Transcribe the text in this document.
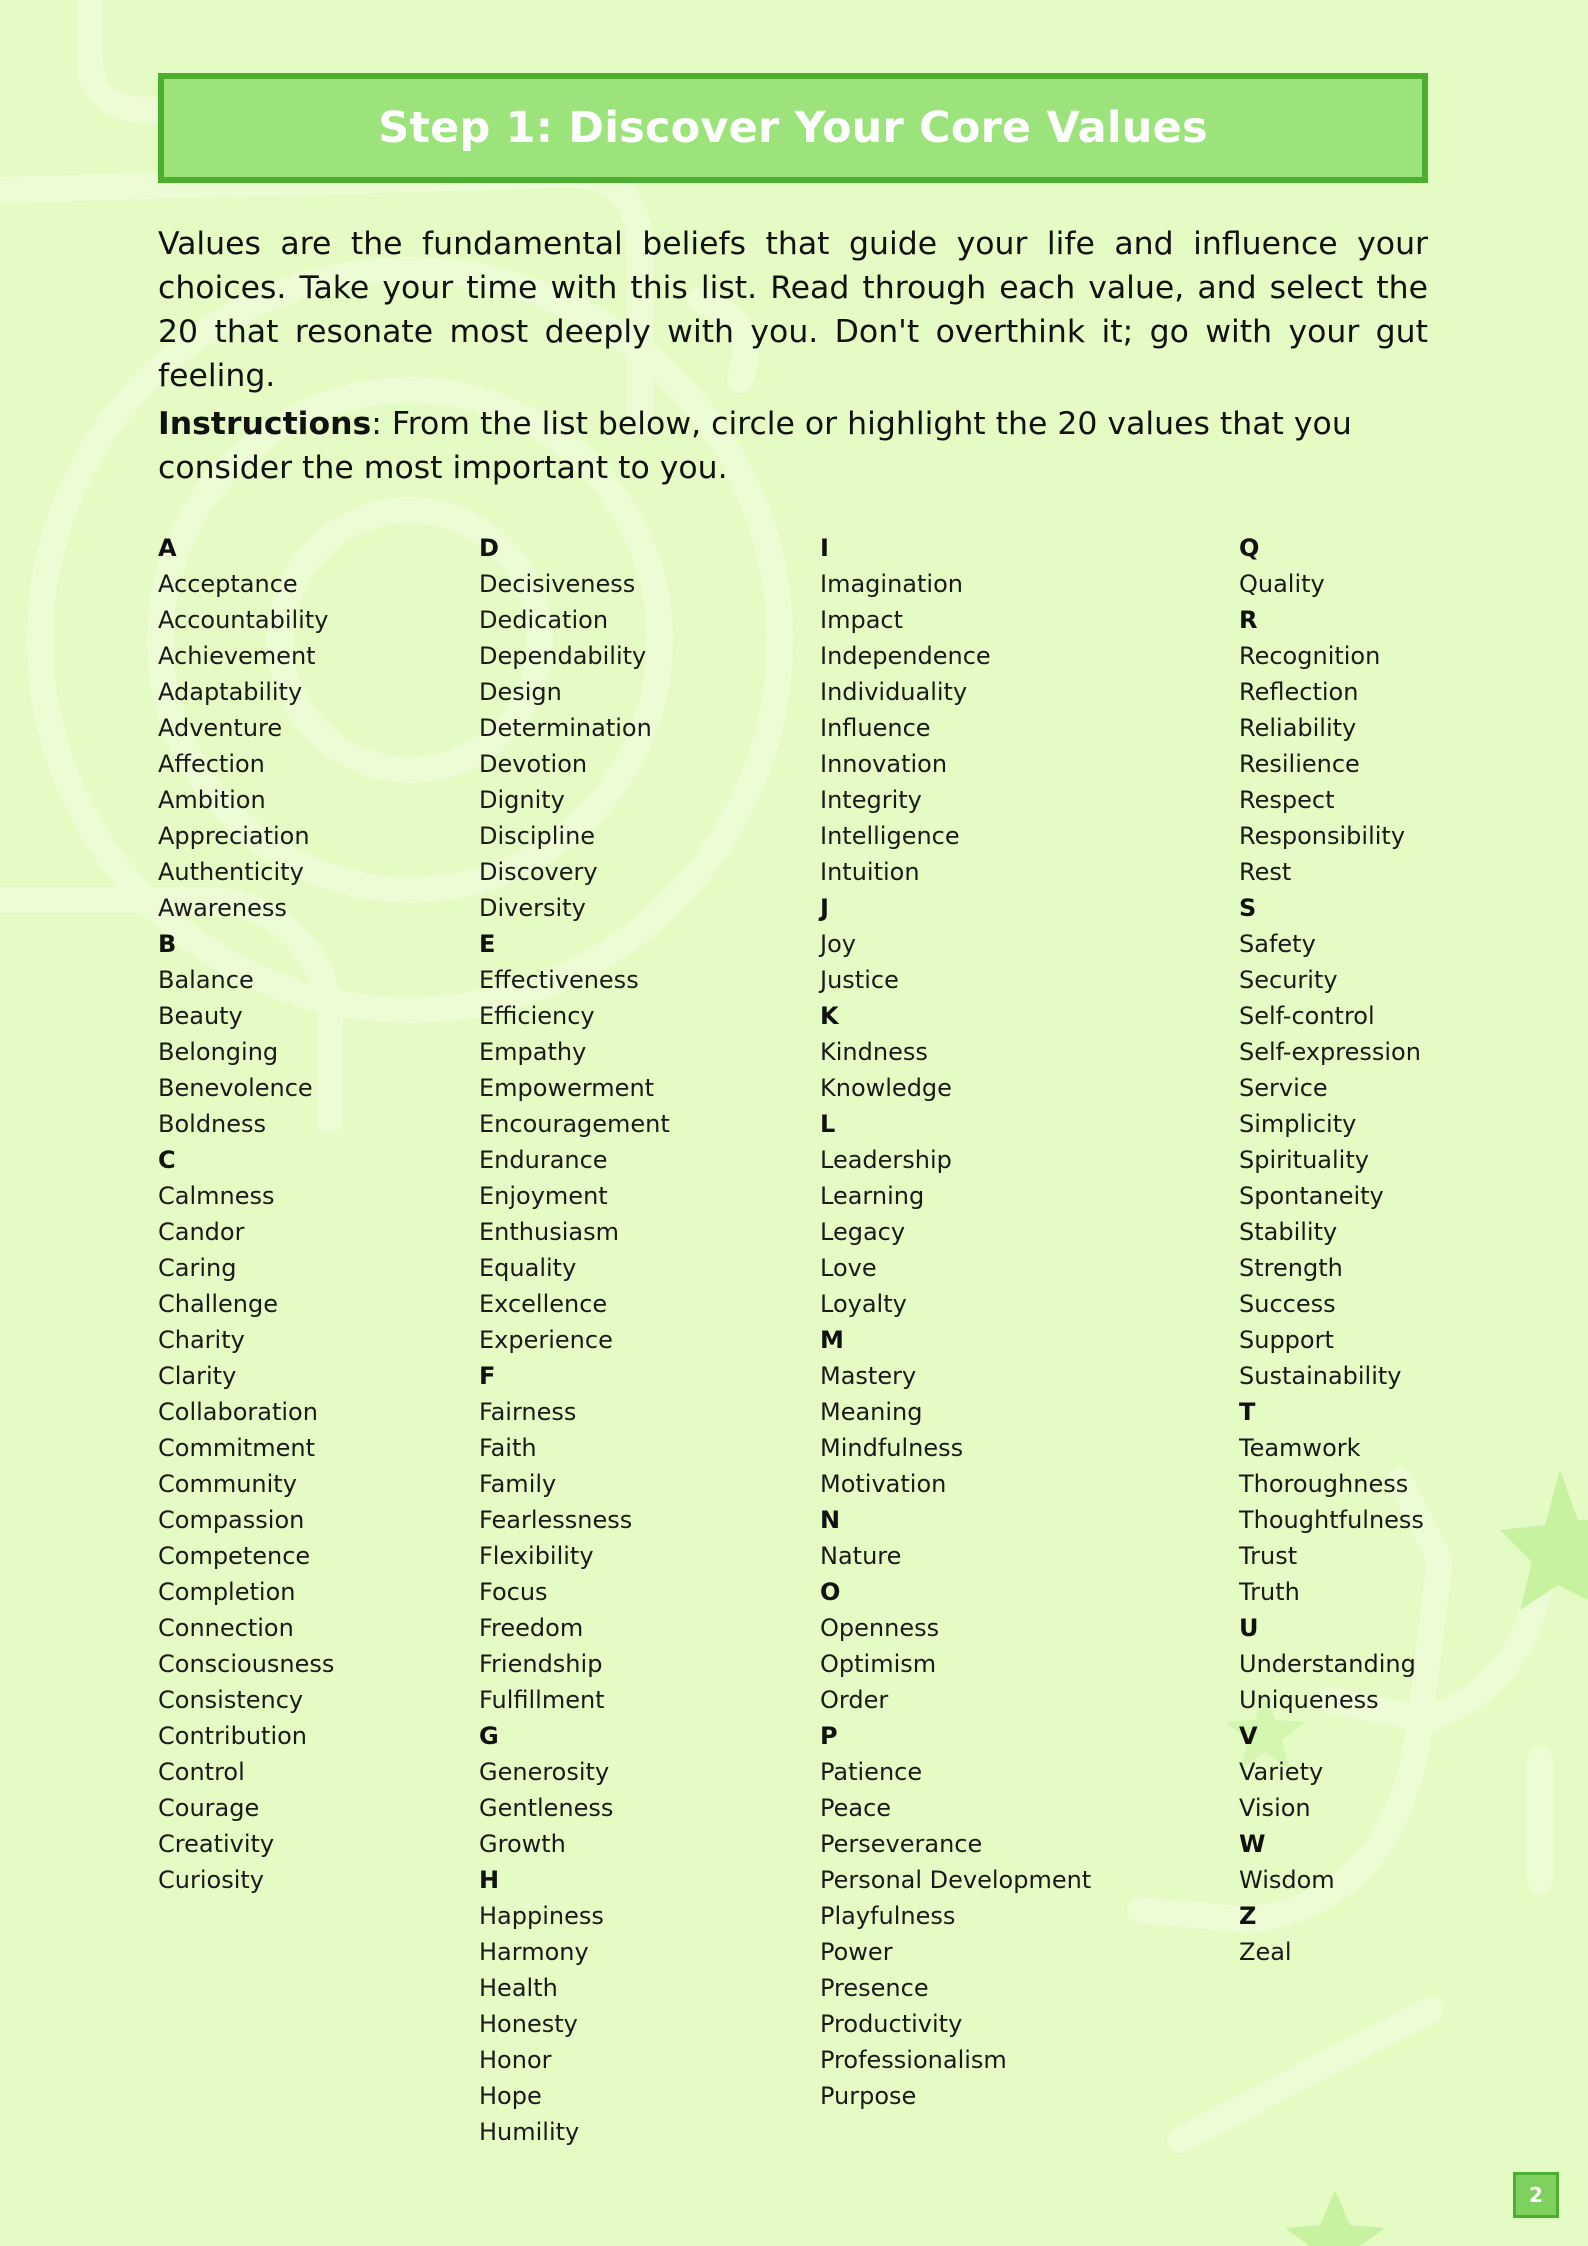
Step 1: Discover Your Core Values

Values are the fundamental beliefs that guide your life and influence your choices. Take your time with this list. Read through each value, and select the 20 that resonate most deeply with you. Don't overthink it; go with your gut feeling.

Instructions: From the list below, circle or highlight the 20 values that you consider the most important to you.

A
Acceptance
Accountability
Achievement
Adaptability
Adventure
Affection
Ambition
Appreciation
Authenticity
Awareness
B
Balance
Beauty
Belonging
Benevolence
Boldness
C
Calmness
Candor
Caring
Challenge
Charity
Clarity
Collaboration
Commitment
Community
Compassion
Competence
Completion
Connection
Consciousness
Consistency
Contribution
Control
Courage
Creativity
Curiosity
D
Decisiveness
Dedication
Dependability
Design
Determination
Devotion
Dignity
Discipline
Discovery
Diversity
E
Effectiveness
Efficiency
Empathy
Empowerment
Encouragement
Endurance
Enjoyment
Enthusiasm
Equality
Excellence
Experience
F
Fairness
Faith
Family
Fearlessness
Flexibility
Focus
Freedom
Friendship
Fulfillment
G
Generosity
Gentleness
Growth
H
Happiness
Harmony
Health
Honesty
Honor
Hope
Humility
I
Imagination
Impact
Independence
Individuality
Influence
Innovation
Integrity
Intelligence
Intuition
J
Joy
Justice
K
Kindness
Knowledge
L
Leadership
Learning
Legacy
Love
Loyalty
M
Mastery
Meaning
Mindfulness
Motivation
N
Nature
O
Openness
Optimism
Order
P
Patience
Peace
Perseverance
Personal Development
Playfulness
Power
Presence
Productivity
Professionalism
Purpose
Q
Quality
R
Recognition
Reflection
Reliability
Resilience
Respect
Responsibility
Rest
S
Safety
Security
Self-control
Self-expression
Service
Simplicity
Spirituality
Spontaneity
Stability
Strength
Success
Support
Sustainability
T
Teamwork
Thoroughness
Thoughtfulness
Trust
Truth
U
Understanding
Uniqueness
V
Variety
Vision
W
Wisdom
Z
Zeal
2
